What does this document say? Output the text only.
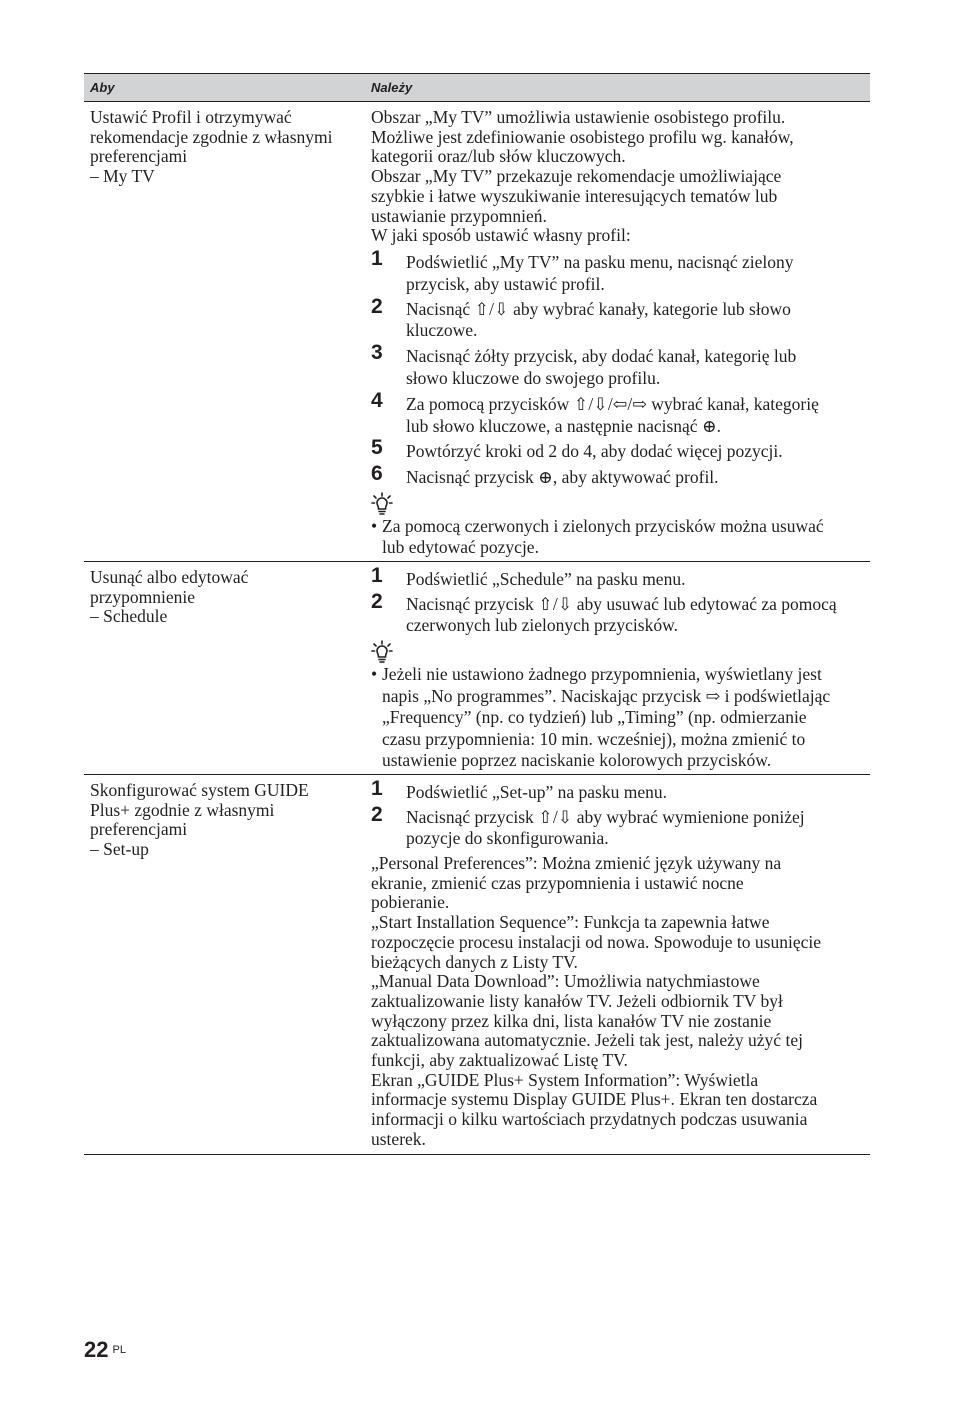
Aby	Należy
Ustawić Profil i otrzymywać
rekomendacje zgodnie z własnymi
preferencjami
– My TV
Obszar „My TV” umożliwia ustawienie osobistego profilu.
Możliwe jest zdefiniowanie osobistego profilu wg. kanałów,
kategorii oraz/lub słów kluczowych.
Obszar „My TV” przekazuje rekomendacje umożliwiające
szybkie i łatwe wyszukiwanie interesujących tematów lub
ustawianie przypomnień.
W jaki sposób ustawić własny profil:
1 Podświetlić „My TV” na pasku menu, nacisnąć zielony
przycisk, aby ustawić profil.
2 Nacisnąć ⇧/⇩ aby wybrać kanały, kategorie lub słowo
kluczowe.
3 Nacisnąć żółty przycisk, aby dodać kanał, kategorię lub
słowo kluczowe do swojego profilu.
4 Za pomocą przycisków ⇧/⇩/⇦/⇨ wybrać kanał, kategorię
lub słowo kluczowe, a następnie nacisnąć ⊕.
5 Powtórzyć kroki od 2 do 4, aby dodać więcej pozycji.
6 Nacisnąć przycisk ⊕, aby aktywować profil.
• Za pomocą czerwonych i zielonych przycisków można usuwać
lub edytować pozycje.
Usunąć albo edytować
przypomnienie
– Schedule
1 Podświetlić „Schedule” na pasku menu.
2 Nacisnąć przycisk ⇧/⇩ aby usuwać lub edytować za pomocą
czerwonych lub zielonych przycisków.
• Jeżeli nie ustawiono żadnego przypomnienia, wyświetlany jest
napis „No programmes”. Naciskając przycisk ⇨ i podświetlając
„Frequency” (np. co tydzień) lub „Timing” (np. odmierzanie
czasu przypomnienia: 10 min. wcześniej), można zmienić to
ustawienie poprzez naciskanie kolorowych przycisków.
Skonfigurować system GUIDE
Plus+ zgodnie z własnymi
preferencjami
– Set-up
1 Podświetlić „Set-up” na pasku menu.
2 Nacisnąć przycisk ⇧/⇩ aby wybrać wymienione poniżej
pozycje do skonfigurowania.
„Personal Preferences”: Można zmienić język używany na
ekranie, zmienić czas przypomnienia i ustawić nocne
pobieranie.
„Start Installation Sequence”: Funkcja ta zapewnia łatwe
rozpoczęcie procesu instalacji od nowa. Spowoduje to usunięcie
bieżących danych z Listy TV.
„Manual Data Download”: Umożliwia natychmiastowe
zaktualizowanie listy kanałów TV. Jeżeli odbiornik TV był
wyłączony przez kilka dni, lista kanałów TV nie zostanie
zaktualizowana automatycznie. Jeżeli tak jest, należy użyć tej
funkcji, aby zaktualizować Listę TV.
Ekran „GUIDE Plus+ System Information”: Wyświetla
informacje systemu Display GUIDE Plus+. Ekran ten dostarcza
informacji o kilku wartościach przydatnych podczas usuwania
usterek.
22 $^{PL}$
